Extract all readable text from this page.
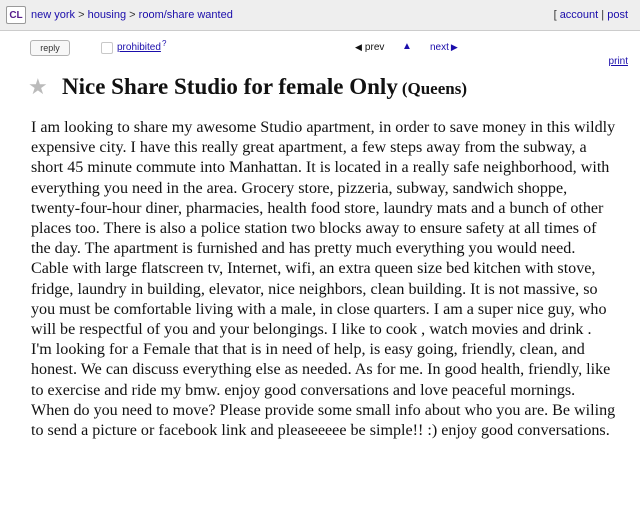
CL new york > housing > room/share wanted	[ account | post
reply	prohibited ?	◀ prev ▲ next ▶
print
★ Nice Share Studio for female Only (Queens)
I am looking to share my awesome Studio apartment, in order to save money in this wildly expensive city. I have this really great apartment, a few steps away from the subway, a short 45 minute commute into Manhattan. It is located in a really safe neighborhood, with everything you need in the area. Grocery store, pizzeria, subway, sandwich shoppe, twenty-four-hour diner, pharmacies, health food store, laundry mats and a bunch of other places too. There is also a police station two blocks away to ensure safety at all times of the day. The apartment is furnished and has pretty much everything you would need. Cable with large flatscreen tv, Internet, wifi, an extra queen size bed kitchen with stove, fridge, laundry in building, elevator, nice neighbors, clean building. It is not massive, so you must be comfortable living with a male, in close quarters. I am a super nice guy, who will be respectful of you and your belongings. I like to cook , watch movies and drink . I'm looking for a Female that that is in need of help, is easy going, friendly, clean, and honest. We can discuss everything else as needed. As for me. In good health, friendly, like to exercise and ride my bmw. enjoy good conversations and love peaceful mornings. When do you need to move? Please provide some small info about who you are. Be wiling to send a picture or facebook link and pleaseeeee be simple!! :) enjoy good conversations.
